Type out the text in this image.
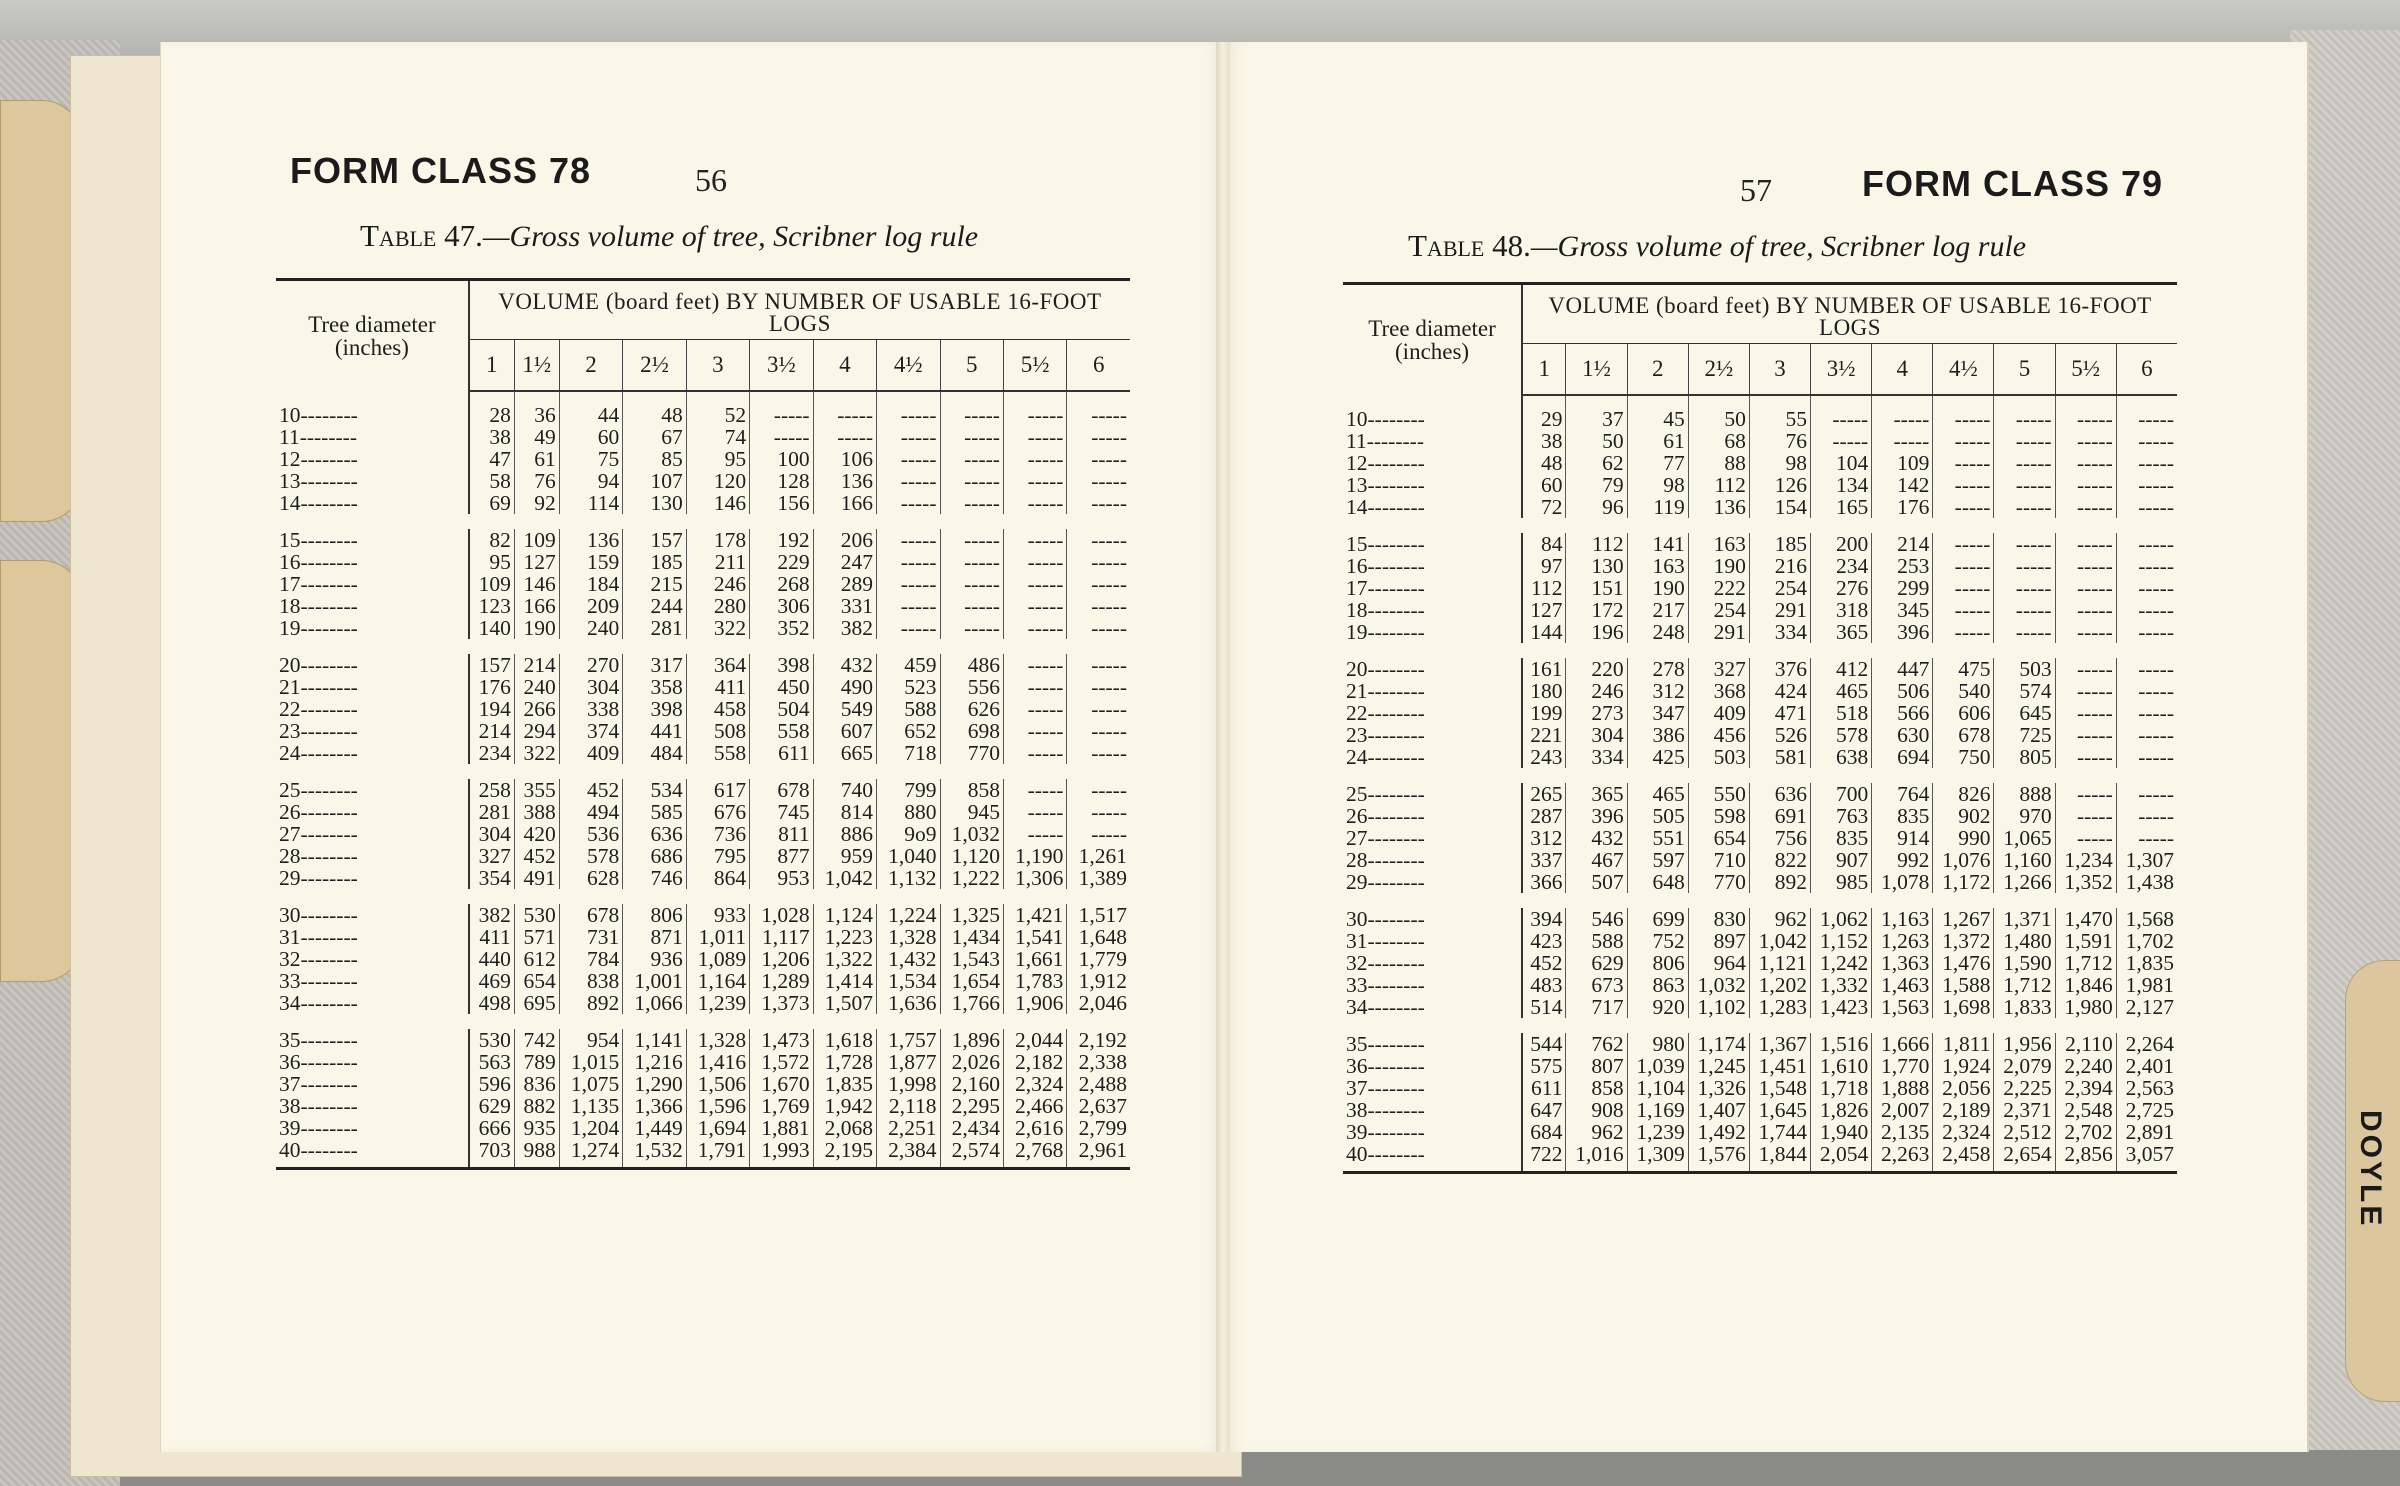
DOYLE
FORM CLASS 78	56
Table 47.—Gross volume of tree, Scribner log rule
Tree diameter (inches)	VOLUME (board feet) BY NUMBER OF USABLE 16-FOOT LOGS										
	1	1½	2	2½	3	3½	4	4½	5	5½	6
10--------	28	36	44	48	52	-----	-----	-----	-----	-----	-----
11--------	38	49	60	67	74	-----	-----	-----	-----	-----	-----
12--------	47	61	75	85	95	100	106	-----	-----	-----	-----
13--------	58	76	94	107	120	128	136	-----	-----	-----	-----
14--------	69	92	114	130	146	156	166	-----	-----	-----	-----

15--------	82	109	136	157	178	192	206	-----	-----	-----	-----
16--------	95	127	159	185	211	229	247	-----	-----	-----	-----
17--------	109	146	184	215	246	268	289	-----	-----	-----	-----
18--------	123	166	209	244	280	306	331	-----	-----	-----	-----
19--------	140	190	240	281	322	352	382	-----	-----	-----	-----

20--------	157	214	270	317	364	398	432	459	486	-----	-----
21--------	176	240	304	358	411	450	490	523	556	-----	-----
22--------	194	266	338	398	458	504	549	588	626	-----	-----
23--------	214	294	374	441	508	558	607	652	698	-----	-----
24--------	234	322	409	484	558	611	665	718	770	-----	-----

25--------	258	355	452	534	617	678	740	799	858	-----	-----
26--------	281	388	494	585	676	745	814	880	945	-----	-----
27--------	304	420	536	636	736	811	886	9o9	1,032	-----	-----
28--------	327	452	578	686	795	877	959	1,040	1,120	1,190	1,261
29--------	354	491	628	746	864	953	1,042	1,132	1,222	1,306	1,389

30--------	382	530	678	806	933	1,028	1,124	1,224	1,325	1,421	1,517
31--------	411	571	731	871	1,011	1,117	1,223	1,328	1,434	1,541	1,648
32--------	440	612	784	936	1,089	1,206	1,322	1,432	1,543	1,661	1,779
33--------	469	654	838	1,001	1,164	1,289	1,414	1,534	1,654	1,783	1,912
34--------	498	695	892	1,066	1,239	1,373	1,507	1,636	1,766	1,906	2,046

35--------	530	742	954	1,141	1,328	1,473	1,618	1,757	1,896	2,044	2,192
36--------	563	789	1,015	1,216	1,416	1,572	1,728	1,877	2,026	2,182	2,338
37--------	596	836	1,075	1,290	1,506	1,670	1,835	1,998	2,160	2,324	2,488
38--------	629	882	1,135	1,366	1,596	1,769	1,942	2,118	2,295	2,466	2,637
39--------	666	935	1,204	1,449	1,694	1,881	2,068	2,251	2,434	2,616	2,799
40--------	703	988	1,274	1,532	1,791	1,993	2,195	2,384	2,574	2,768	2,961
57	FORM CLASS 79
Table 48.—Gross volume of tree, Scribner log rule
Tree diameter (inches)	VOLUME (board feet) BY NUMBER OF USABLE 16-FOOT LOGS										
	1	1½	2	2½	3	3½	4	4½	5	5½	6
10--------	29	37	45	50	55	-----	-----	-----	-----	-----	-----
11--------	38	50	61	68	76	-----	-----	-----	-----	-----	-----
12--------	48	62	77	88	98	104	109	-----	-----	-----	-----
13--------	60	79	98	112	126	134	142	-----	-----	-----	-----
14--------	72	96	119	136	154	165	176	-----	-----	-----	-----

15--------	84	112	141	163	185	200	214	-----	-----	-----	-----
16--------	97	130	163	190	216	234	253	-----	-----	-----	-----
17--------	112	151	190	222	254	276	299	-----	-----	-----	-----
18--------	127	172	217	254	291	318	345	-----	-----	-----	-----
19--------	144	196	248	291	334	365	396	-----	-----	-----	-----

20--------	161	220	278	327	376	412	447	475	503	-----	-----
21--------	180	246	312	368	424	465	506	540	574	-----	-----
22--------	199	273	347	409	471	518	566	606	645	-----	-----
23--------	221	304	386	456	526	578	630	678	725	-----	-----
24--------	243	334	425	503	581	638	694	750	805	-----	-----

25--------	265	365	465	550	636	700	764	826	888	-----	-----
26--------	287	396	505	598	691	763	835	902	970	-----	-----
27--------	312	432	551	654	756	835	914	990	1,065	-----	-----
28--------	337	467	597	710	822	907	992	1,076	1,160	1,234	1,307
29--------	366	507	648	770	892	985	1,078	1,172	1,266	1,352	1,438

30--------	394	546	699	830	962	1,062	1,163	1,267	1,371	1,470	1,568
31--------	423	588	752	897	1,042	1,152	1,263	1,372	1,480	1,591	1,702
32--------	452	629	806	964	1,121	1,242	1,363	1,476	1,590	1,712	1,835
33--------	483	673	863	1,032	1,202	1,332	1,463	1,588	1,712	1,846	1,981
34--------	514	717	920	1,102	1,283	1,423	1,563	1,698	1,833	1,980	2,127

35--------	544	762	980	1,174	1,367	1,516	1,666	1,811	1,956	2,110	2,264
36--------	575	807	1,039	1,245	1,451	1,610	1,770	1,924	2,079	2,240	2,401
37--------	611	858	1,104	1,326	1,548	1,718	1,888	2,056	2,225	2,394	2,563
38--------	647	908	1,169	1,407	1,645	1,826	2,007	2,189	2,371	2,548	2,725
39--------	684	962	1,239	1,492	1,744	1,940	2,135	2,324	2,512	2,702	2,891
40--------	722	1,016	1,309	1,576	1,844	2,054	2,263	2,458	2,654	2,856	3,057
